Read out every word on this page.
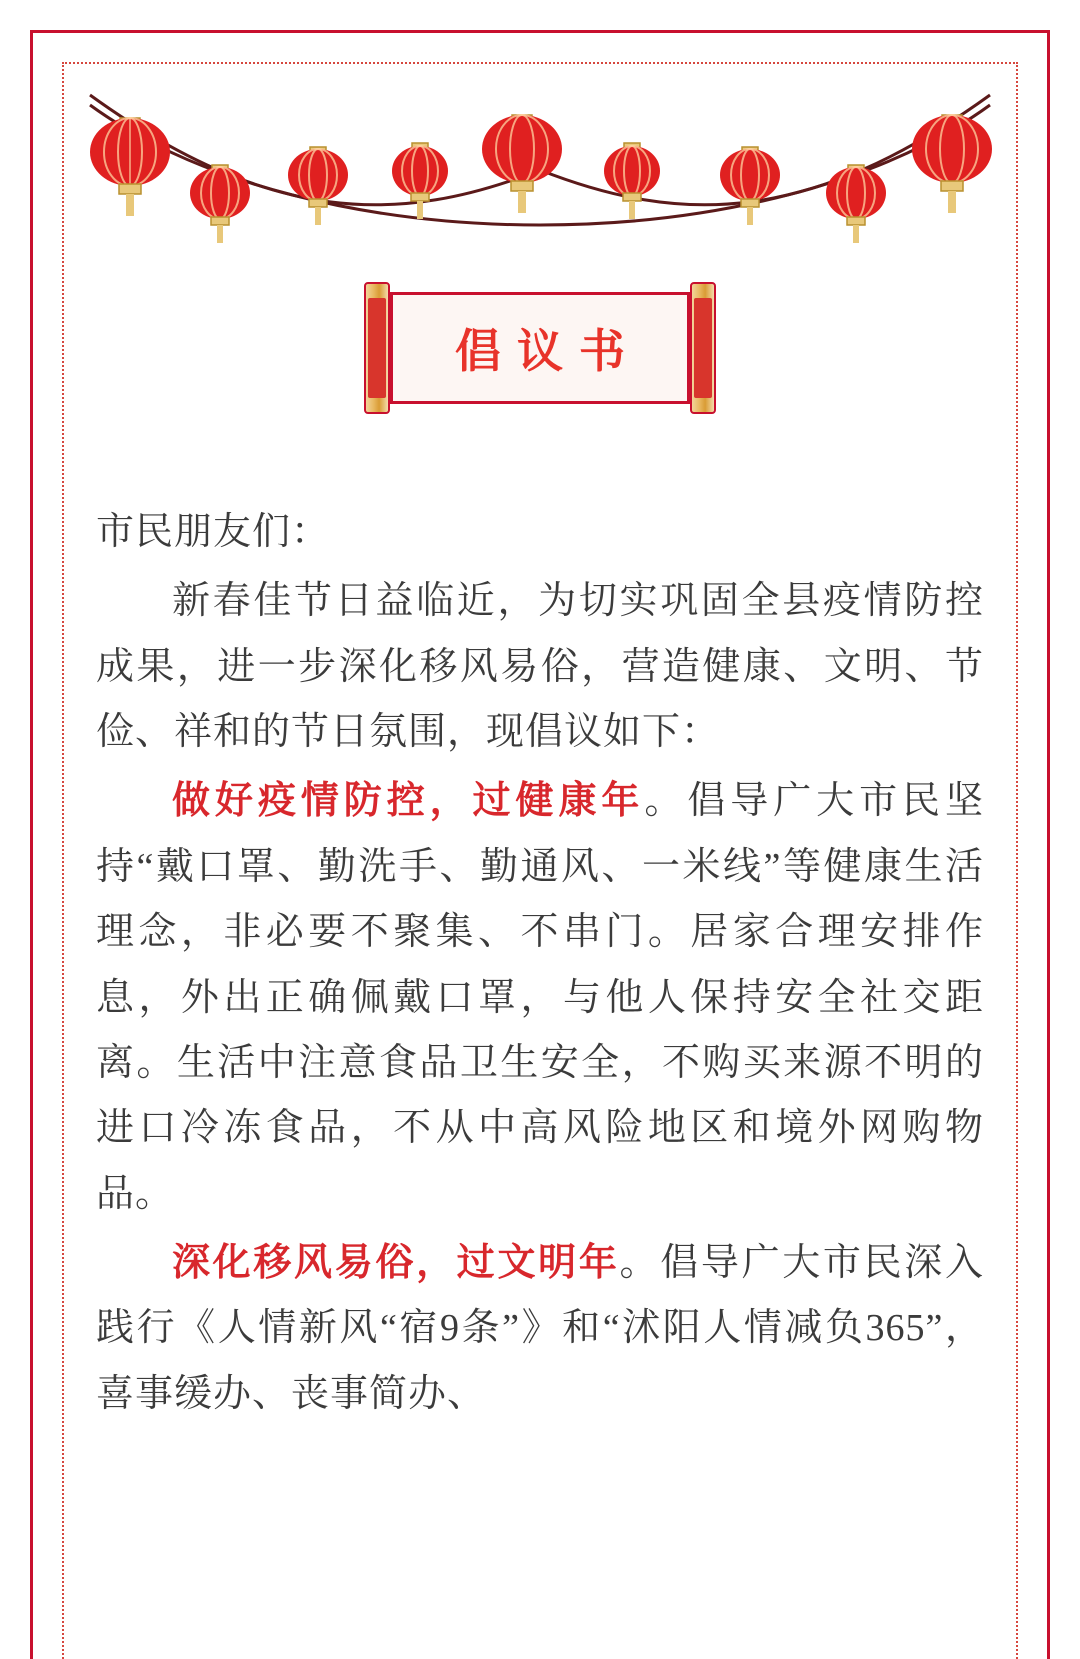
倡议书

市民朋友们：

新春佳节日益临近，为切实巩固全县疫情防控成果，进一步深化移风易俗，营造健康、文明、节俭、祥和的节日氛围，现倡议如下：

做好疫情防控，过健康年。倡导广大市民坚持“戴口罩、勤洗手、勤通风、一米线”等健康生活理念，非必要不聚集、不串门。居家合理安排作息，外出正确佩戴口罩，与他人保持安全社交距离。生活中注意食品卫生安全，不购买来源不明的进口冷冻食品，不从中高风险地区和境外网购物品。

深化移风易俗，过文明年。倡导广大市民深入践行《人情新风“宿9条”》和“沭阳人情减负365”，喜事缓办、丧事简办、
